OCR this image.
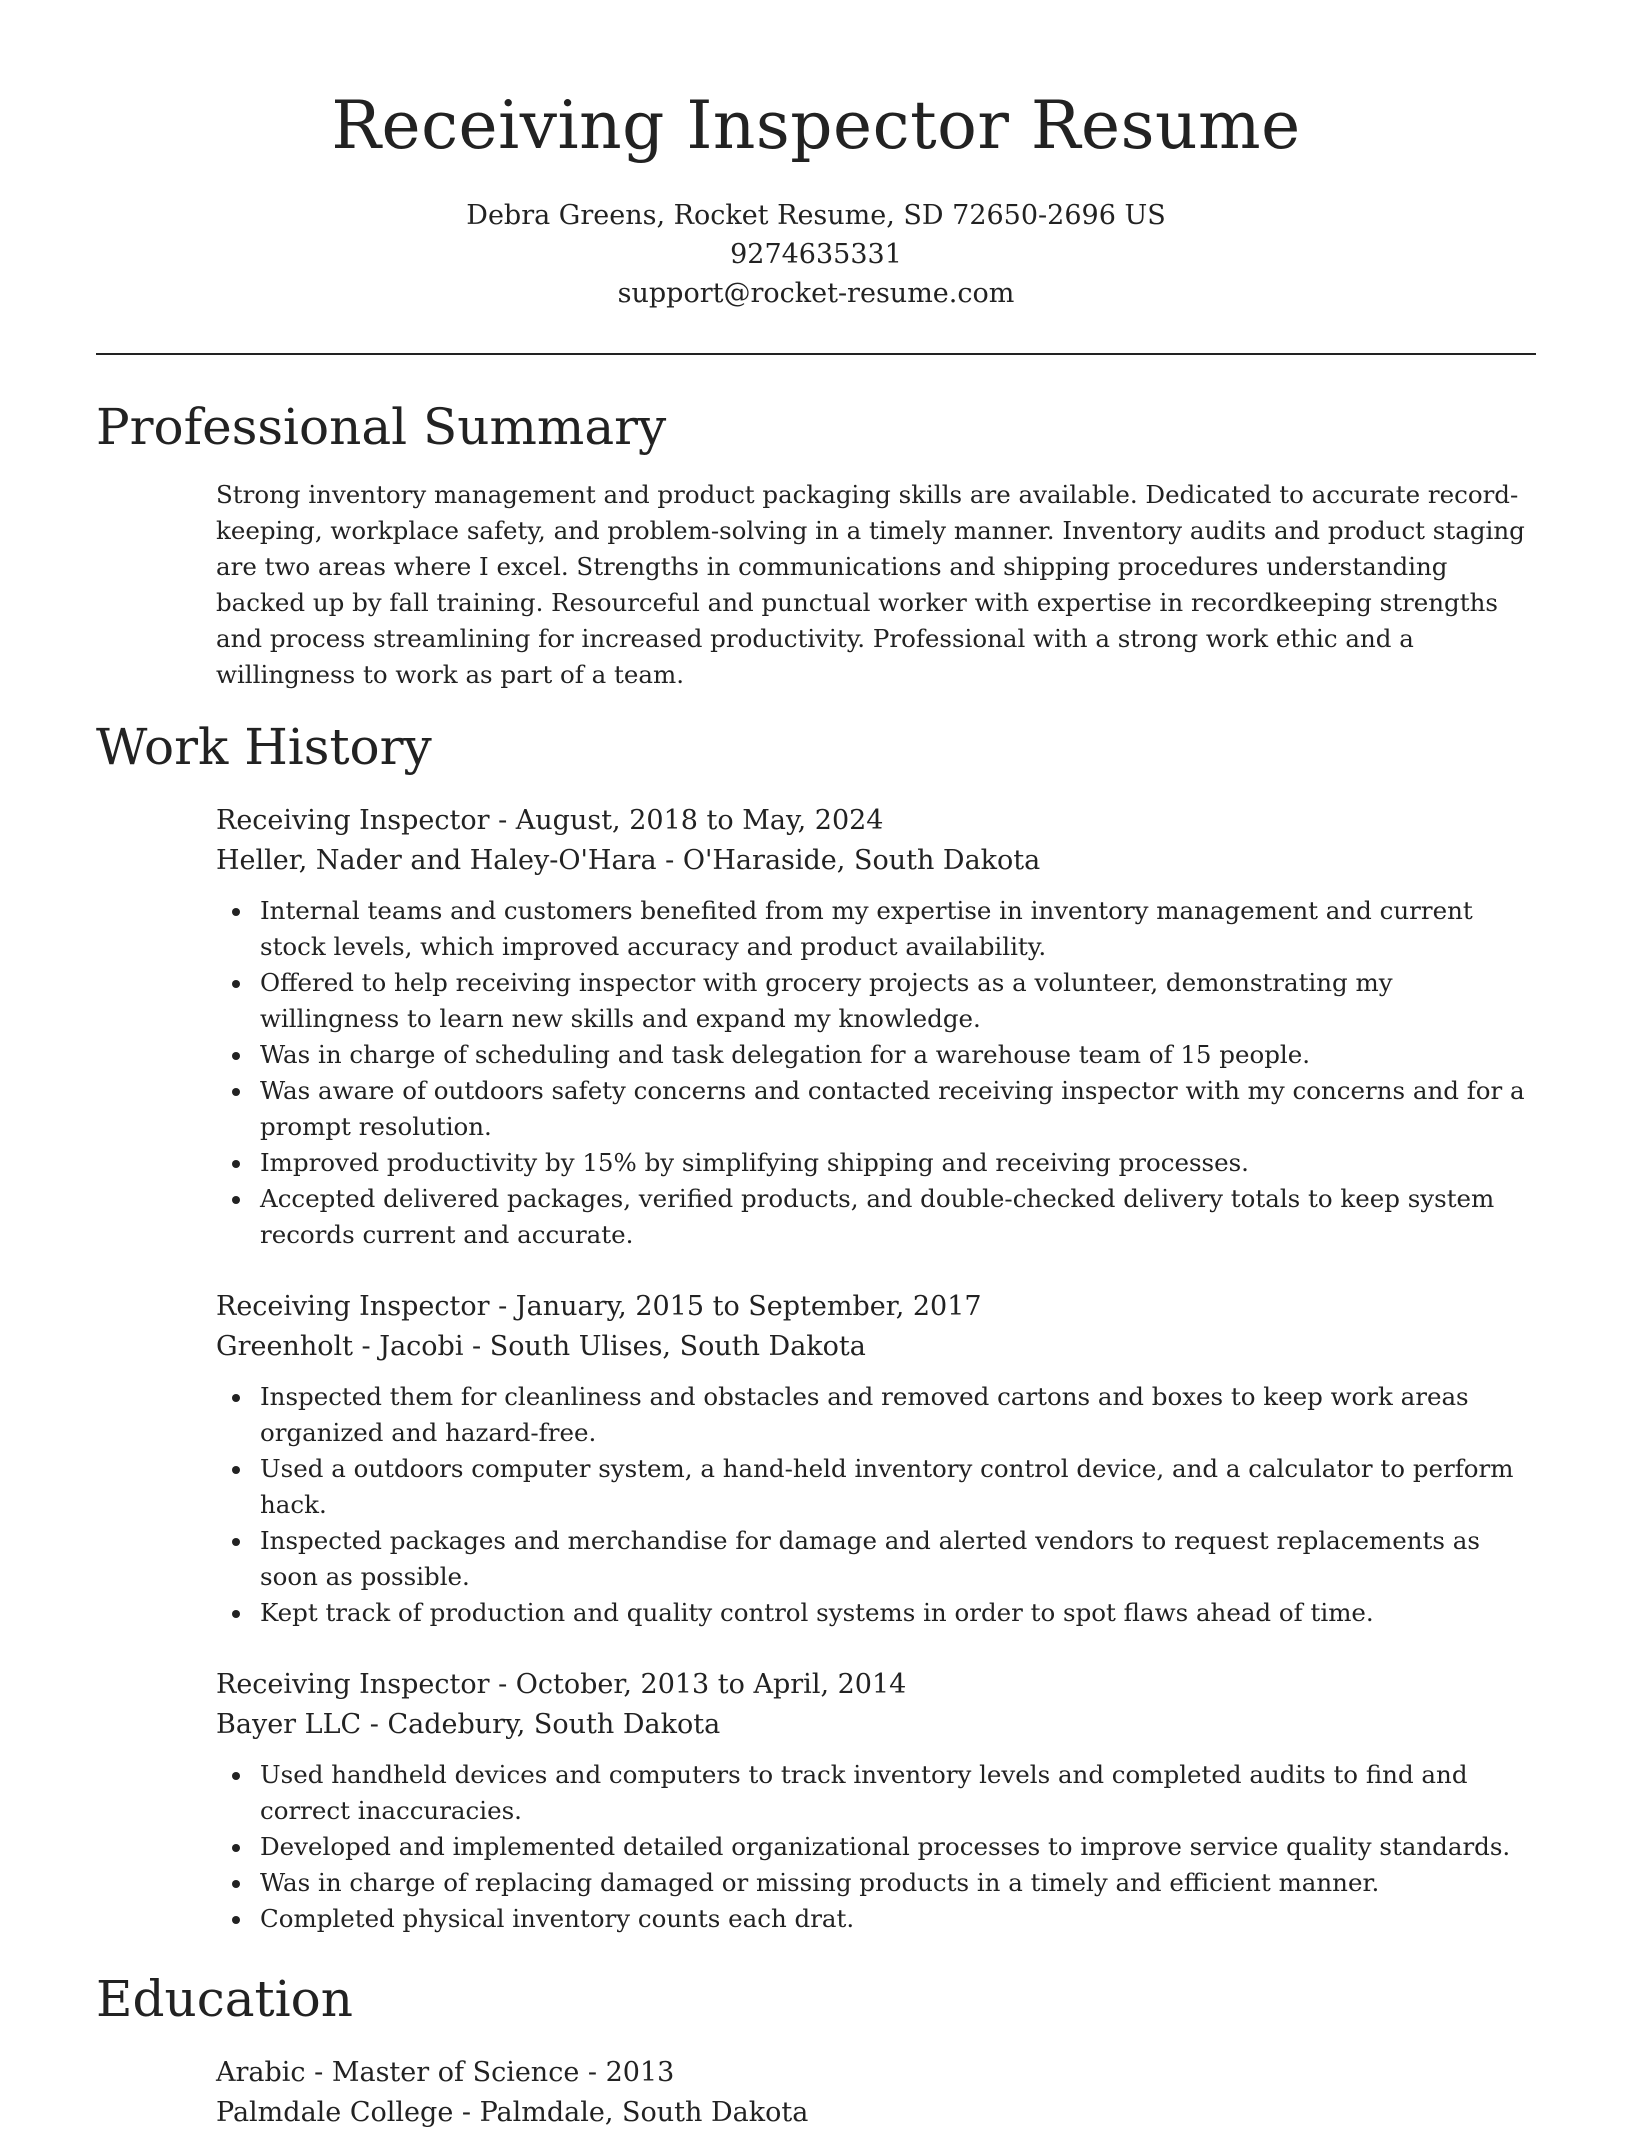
Receiving Inspector Resume

Debra Greens, Rocket Resume, SD 72650-2696 US

9274635331

support@rocket-resume.com

Professional Summary

Strong inventory management and product packaging skills are available. Dedicated to accurate record-keeping, workplace safety, and problem-solving in a timely manner. Inventory audits and product staging are two areas where I excel. Strengths in communications and shipping procedures understanding backed up by fall training. Resourceful and punctual worker with expertise in recordkeeping strengths and process streamlining for increased productivity. Professional with a strong work ethic and a willingness to work as part of a team.

Work History

Receiving Inspector - August, 2018 to May, 2024

Heller, Nader and Haley-O'Hara - O'Haraside, South Dakota

Internal teams and customers benefited from my expertise in inventory management and current stock levels, which improved accuracy and product availability.
Offered to help receiving inspector with grocery projects as a volunteer, demonstrating my willingness to learn new skills and expand my knowledge.
Was in charge of scheduling and task delegation for a warehouse team of 15 people.
Was aware of outdoors safety concerns and contacted receiving inspector with my concerns and for a prompt resolution.
Improved productivity by 15% by simplifying shipping and receiving processes.
Accepted delivered packages, verified products, and double-checked delivery totals to keep system records current and accurate.

Receiving Inspector - January, 2015 to September, 2017

Greenholt - Jacobi - South Ulises, South Dakota

Inspected them for cleanliness and obstacles and removed cartons and boxes to keep work areas organized and hazard-free.
Used a outdoors computer system, a hand-held inventory control device, and a calculator to perform hack.
Inspected packages and merchandise for damage and alerted vendors to request replacements as soon as possible.
Kept track of production and quality control systems in order to spot flaws ahead of time.

Receiving Inspector - October, 2013 to April, 2014

Bayer LLC - Cadebury, South Dakota

Used handheld devices and computers to track inventory levels and completed audits to find and correct inaccuracies.
Developed and implemented detailed organizational processes to improve service quality standards.
Was in charge of replacing damaged or missing products in a timely and efficient manner.
Completed physical inventory counts each drat.
Education

Arabic - Master of Science - 2013

Palmdale College - Palmdale, South Dakota
